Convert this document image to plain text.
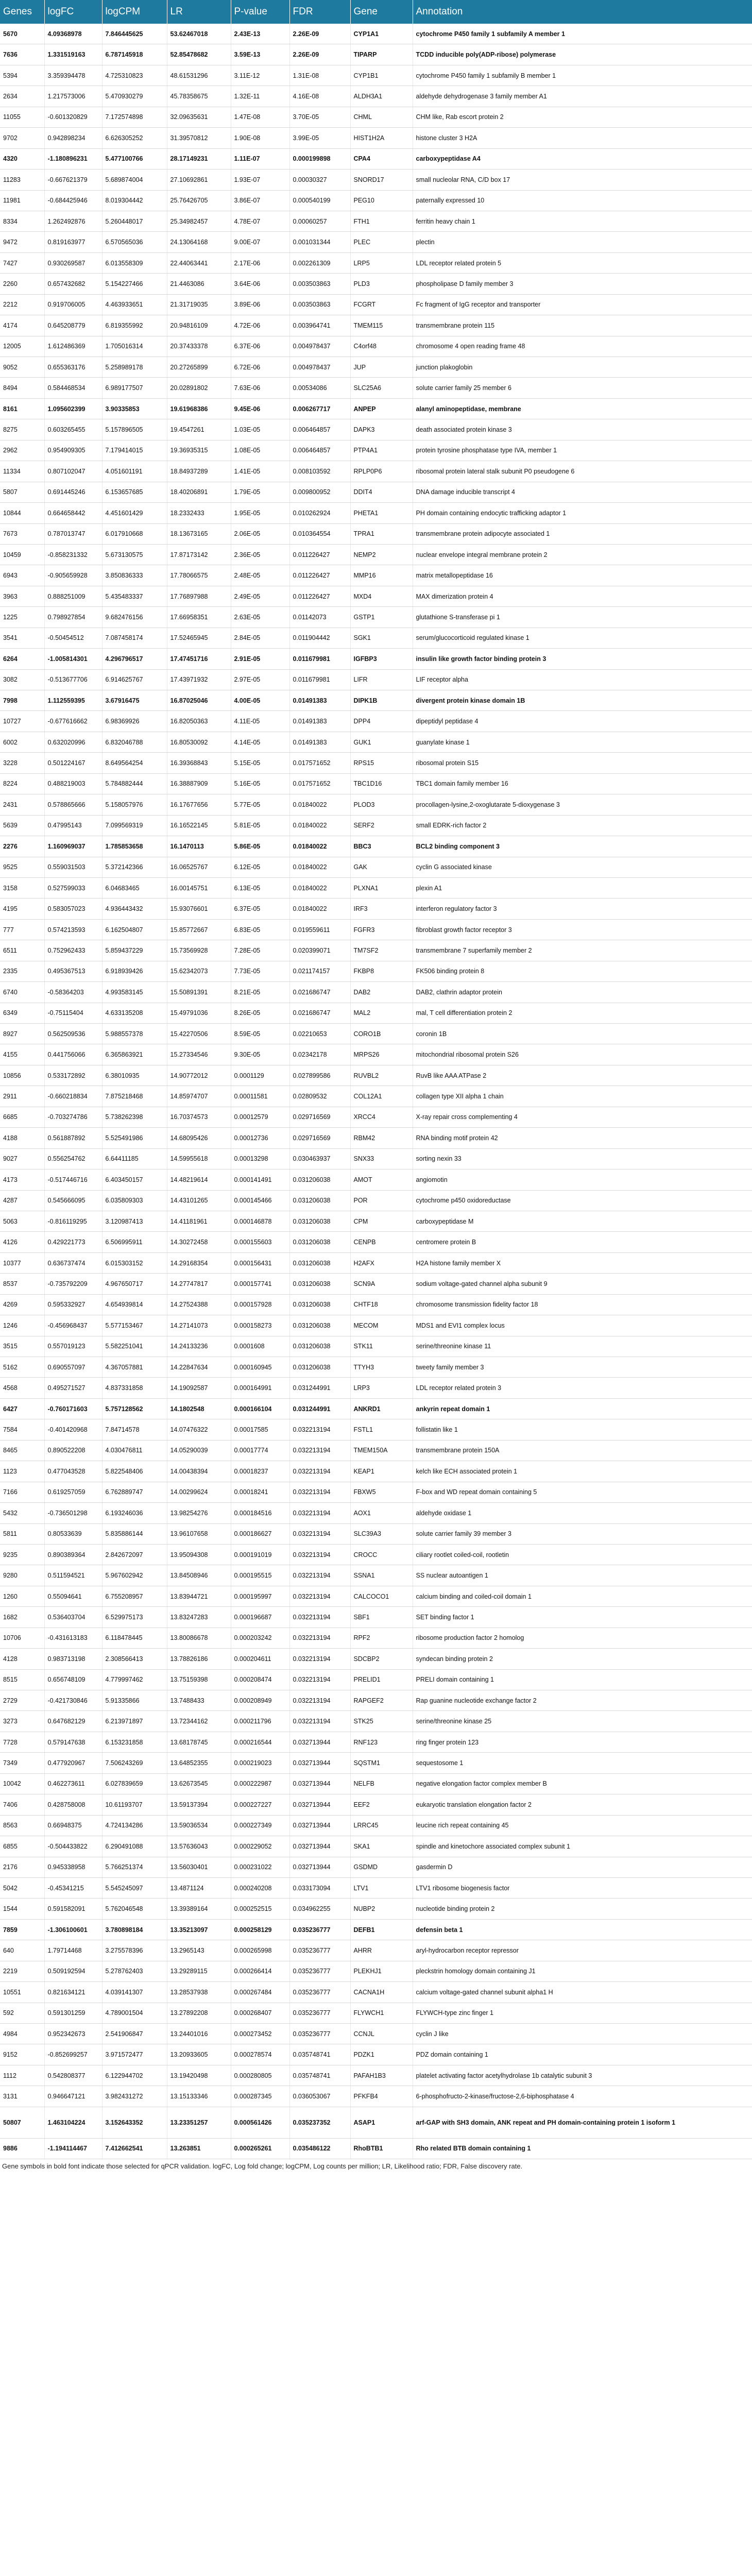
Genes	logFC	logCPM	LR	P-value	FDR	Gene	Annotation
5670	4.09368978	7.846445625	53.62467018	2.43E-13	2.26E-09	CYP1A1	cytochrome P450 family 1 subfamily A member 1
7636	1.331519163	6.787145918	52.85478682	3.59E-13	2.26E-09	TIPARP	TCDD inducible poly(ADP-ribose) polymerase
5394	3.359394478	4.725310823	48.61531296	3.11E-12	1.31E-08	CYP1B1	cytochrome P450 family 1 subfamily B member 1
2634	1.217573006	5.470930279	45.78358675	1.32E-11	4.16E-08	ALDH3A1	aldehyde dehydrogenase 3 family member A1
11055	-0.601320829	7.172574898	32.09635631	1.47E-08	3.70E-05	CHML	CHM like, Rab escort protein 2
9702	0.942898234	6.626305252	31.39570812	1.90E-08	3.99E-05	HIST1H2A	histone cluster 3 H2A
4320	-1.180896231	5.477100766	28.17149231	1.11E-07	0.000199898	CPA4	carboxypeptidase A4
11283	-0.667621379	5.689874004	27.10692861	1.93E-07	0.00030327	SNORD17	small nucleolar RNA, C/D box 17
11981	-0.684425946	8.019304442	25.76426705	3.86E-07	0.000540199	PEG10	paternally expressed 10
8334	1.262492876	5.260448017	25.34982457	4.78E-07	0.00060257	FTH1	ferritin heavy chain 1
9472	0.819163977	6.570565036	24.13064168	9.00E-07	0.001031344	PLEC	plectin
7427	0.930269587	6.013558309	22.44063441	2.17E-06	0.002261309	LRP5	LDL receptor related protein 5
2260	0.657432682	5.154227466	21.4463086	3.64E-06	0.003503863	PLD3	phospholipase D family member 3
2212	0.919706005	4.463933651	21.31719035	3.89E-06	0.003503863	FCGRT	Fc fragment of IgG receptor and transporter
4174	0.645208779	6.819355992	20.94816109	4.72E-06	0.003964741	TMEM115	transmembrane protein 115
12005	1.612486369	1.705016314	20.37433378	6.37E-06	0.004978437	C4orf48	chromosome 4 open reading frame 48
9052	0.655363176	5.258989178	20.27265899	6.72E-06	0.004978437	JUP	junction plakoglobin
8494	0.584468534	6.989177507	20.02891802	7.63E-06	0.00534086	SLC25A6	solute carrier family 25 member 6
8161	1.095602399	3.90335853	19.61968386	9.45E-06	0.006267717	ANPEP	alanyl aminopeptidase, membrane
8275	0.603265455	5.157896505	19.4547261	1.03E-05	0.006464857	DAPK3	death associated protein kinase 3
2962	0.954909305	7.179414015	19.36935315	1.08E-05	0.006464857	PTP4A1	protein tyrosine phosphatase type IVA, member 1
11334	0.807102047	4.051601191	18.84937289	1.41E-05	0.008103592	RPLP0P6	ribosomal protein lateral stalk subunit P0 pseudogene 6
5807	0.691445246	6.153657685	18.40206891	1.79E-05	0.009800952	DDIT4	DNA damage inducible transcript 4
10844	0.664658442	4.451601429	18.2332433	1.95E-05	0.010262924	PHETA1	PH domain containing endocytic trafficking adaptor 1
7673	0.787013747	6.017910668	18.13673165	2.06E-05	0.010364554	TPRA1	transmembrane protein adipocyte associated 1
10459	-0.858231332	5.673130575	17.87173142	2.36E-05	0.011226427	NEMP2	nuclear envelope integral membrane protein 2
6943	-0.905659928	3.850836333	17.78066575	2.48E-05	0.011226427	MMP16	matrix metallopeptidase 16
3963	0.888251009	5.435483337	17.76897988	2.49E-05	0.011226427	MXD4	MAX dimerization protein 4
1225	0.798927854	9.682476156	17.66958351	2.63E-05	0.01142073	GSTP1	glutathione S-transferase pi 1
3541	-0.50454512	7.087458174	17.52465945	2.84E-05	0.011904442	SGK1	serum/glucocorticoid regulated kinase 1
6264	-1.005814301	4.296796517	17.47451716	2.91E-05	0.011679981	IGFBP3	insulin like growth factor binding protein 3
3082	-0.513677706	6.914625767	17.43971932	2.97E-05	0.011679981	LIFR	LIF receptor alpha
7998	1.112559395	3.67916475	16.87025046	4.00E-05	0.01491383	DIPK1B	divergent protein kinase domain 1B
10727	-0.677616662	6.98369926	16.82050363	4.11E-05	0.01491383	DPP4	dipeptidyl peptidase 4
6002	0.632020996	6.832046788	16.80530092	4.14E-05	0.01491383	GUK1	guanylate kinase 1
3228	0.501224167	8.649564254	16.39368843	5.15E-05	0.017571652	RPS15	ribosomal protein S15
8224	0.488219003	5.784882444	16.38887909	5.16E-05	0.017571652	TBC1D16	TBC1 domain family member 16
2431	0.578865666	5.158057976	16.17677656	5.77E-05	0.01840022	PLOD3	procollagen-lysine,2-oxoglutarate 5-dioxygenase 3
5639	0.47995143	7.099569319	16.16522145	5.81E-05	0.01840022	SERF2	small EDRK-rich factor 2
2276	1.160969037	1.785853658	16.1470113	5.86E-05	0.01840022	BBC3	BCL2 binding component 3
9525	0.559031503	5.372142366	16.06525767	6.12E-05	0.01840022	GAK	cyclin G associated kinase
3158	0.527599033	6.04683465	16.00145751	6.13E-05	0.01840022	PLXNA1	plexin A1
4195	0.583057023	4.936443432	15.93076601	6.37E-05	0.01840022	IRF3	interferon regulatory factor 3
777	0.574213593	6.162504807	15.85772667	6.83E-05	0.019559611	FGFR3	fibroblast growth factor receptor 3
6511	0.752962433	5.859437229	15.73569928	7.28E-05	0.020399071	TM7SF2	transmembrane 7 superfamily member 2
2335	0.495367513	6.918939426	15.62342073	7.73E-05	0.021174157	FKBP8	FK506 binding protein 8
6740	-0.58364203	4.993583145	15.50891391	8.21E-05	0.021686747	DAB2	DAB2, clathrin adaptor protein
6349	-0.75115404	4.633135208	15.49791036	8.26E-05	0.021686747	MAL2	mal, T cell differentiation protein 2
8927	0.562509536	5.988557378	15.42270506	8.59E-05	0.02210653	CORO1B	coronin 1B
4155	0.441756066	6.365863921	15.27334546	9.30E-05	0.02342178	MRPS26	mitochondrial ribosomal protein S26
10856	0.533172892	6.38010935	14.90772012	0.0001129	0.027899586	RUVBL2	RuvB like AAA ATPase 2
2911	-0.660218834	7.875218468	14.85974707	0.00011581	0.02809532	COL12A1	collagen type XII alpha 1 chain
6685	-0.703274786	5.738262398	16.70374573	0.00012579	0.029716569	XRCC4	X-ray repair cross complementing 4
4188	0.561887892	5.525491986	14.68095426	0.00012736	0.029716569	RBM42	RNA binding motif protein 42
9027	0.556254762	6.64411185	14.59955618	0.00013298	0.030463937	SNX33	sorting nexin 33
4173	-0.517446716	6.403450157	14.48219614	0.000141491	0.031206038	AMOT	angiomotin
4287	0.545666095	6.035809303	14.43101265	0.000145466	0.031206038	POR	cytochrome p450 oxidoreductase
5063	-0.816119295	3.120987413	14.41181961	0.000146878	0.031206038	CPM	carboxypeptidase M
4126	0.429221773	6.506995911	14.30272458	0.000155603	0.031206038	CENPB	centromere protein B
10377	0.636737474	6.015303152	14.29168354	0.000156431	0.031206038	H2AFX	H2A histone family member X
8537	-0.735792209	4.967650717	14.27747817	0.000157741	0.031206038	SCN9A	sodium voltage-gated channel alpha subunit 9
4269	0.595332927	4.654939814	14.27524388	0.000157928	0.031206038	CHTF18	chromosome transmission fidelity factor 18
1246	-0.456968437	5.577153467	14.27141073	0.000158273	0.031206038	MECOM	MDS1 and EVI1 complex locus
3515	0.557019123	5.582251041	14.24133236	0.0001608	0.031206038	STK11	serine/threonine kinase 11
5162	0.690557097	4.367057881	14.22847634	0.000160945	0.031206038	TTYH3	tweety family member 3
4568	0.495271527	4.837331858	14.19092587	0.000164991	0.031244991	LRP3	LDL receptor related protein 3
6427	-0.760171603	5.757128562	14.1802548	0.000166104	0.031244991	ANKRD1	ankyrin repeat domain 1
7584	-0.401420968	7.84714578	14.07476322	0.00017585	0.032213194	FSTL1	follistatin like 1
8465	0.890522208	4.030476811	14.05290039	0.00017774	0.032213194	TMEM150A	transmembrane protein 150A
1123	0.477043528	5.822548406	14.00438394	0.00018237	0.032213194	KEAP1	kelch like ECH associated protein 1
7166	0.619257059	6.762889747	14.00299624	0.00018241	0.032213194	FBXW5	F-box and WD repeat domain containing 5
5432	-0.736501298	6.193246036	13.98254276	0.000184516	0.032213194	AOX1	aldehyde oxidase 1
5811	0.80533639	5.835886144	13.96107658	0.000186627	0.032213194	SLC39A3	solute carrier family 39 member 3
9235	0.890389364	2.842672097	13.95094308	0.000191019	0.032213194	CROCC	ciliary rootlet coiled-coil, rootletin
9280	0.511594521	5.967602942	13.84508946	0.000195515	0.032213194	SSNA1	SS nuclear autoantigen 1
1260	0.55094641	6.755208957	13.83944721	0.000195997	0.032213194	CALCOCO1	calcium binding and coiled-coil domain 1
1682	0.536403704	6.529975173	13.83247283	0.000196687	0.032213194	SBF1	SET binding factor 1
10706	-0.431613183	6.118478445	13.80086678	0.000203242	0.032213194	RPF2	ribosome production factor 2 homolog
4128	0.983713198	2.308566413	13.78826186	0.000204611	0.032213194	SDCBP2	syndecan binding protein 2
8515	0.656748109	4.779997462	13.75159398	0.000208474	0.032213194	PRELID1	PRELI domain containing 1
2729	-0.421730846	5.91335866	13.7488433	0.000208949	0.032213194	RAPGEF2	Rap guanine nucleotide exchange factor 2
3273	0.647682129	6.213971897	13.72344162	0.000211796	0.032213194	STK25	serine/threonine kinase 25
7728	0.579147638	6.153231858	13.68178745	0.000216544	0.032713944	RNF123	ring finger protein 123
7349	0.477920967	7.506243269	13.64852355	0.000219023	0.032713944	SQSTM1	sequestosome 1
10042	0.462273611	6.027839659	13.62673545	0.000222987	0.032713944	NELFB	negative elongation factor complex member B
7406	0.428758008	10.61193707	13.59137394	0.000227227	0.032713944	EEF2	eukaryotic translation elongation factor 2
8563	0.66948375	4.724134286	13.59036534	0.000227349	0.032713944	LRRC45	leucine rich repeat containing 45
6855	-0.504433822	6.290491088	13.57636043	0.000229052	0.032713944	SKA1	spindle and kinetochore associated complex subunit 1
2176	0.945338958	5.766251374	13.56030401	0.000231022	0.032713944	GSDMD	gasdermin D
5042	-0.45341215	5.545245097	13.4871124	0.000240208	0.033173094	LTV1	LTV1 ribosome biogenesis factor
1544	0.591582091	5.762046548	13.39389164	0.000252515	0.034962255	NUBP2	nucleotide binding protein 2
7859	-1.306100601	3.780898184	13.35213097	0.000258129	0.035236777	DEFB1	defensin beta 1
640	1.79714468	3.275578396	13.2965143	0.000265998	0.035236777	AHRR	aryl-hydrocarbon receptor repressor
2219	0.509192594	5.278762403	13.29289115	0.000266414	0.035236777	PLEKHJ1	pleckstrin homology domain containing J1
10551	0.821634121	4.039141307	13.28537938	0.000267484	0.035236777	CACNA1H	calcium voltage-gated channel subunit alpha1 H
592	0.591301259	4.789001504	13.27892208	0.000268407	0.035236777	FLYWCH1	FLYWCH-type zinc finger 1
4984	0.952342673	2.541906847	13.24401016	0.000273452	0.035236777	CCNJL	cyclin J like
9152	-0.852699257	3.971572477	13.20933605	0.000278574	0.035748741	PDZK1	PDZ domain containing 1
1112	0.542808377	6.122944702	13.19420498	0.000280805	0.035748741	PAFAH1B3	platelet activating factor acetylhydrolase 1b catalytic subunit 3
3131	0.946647121	3.982431272	13.15133346	0.000287345	0.036053067	PFKFB4	6-phosphofructo-2-kinase/fructose-2,6-biphosphatase 4
50807	1.463104224	3.152643352	13.23351257	0.000561426	0.035237352	ASAP1	arf-GAP with SH3 domain, ANK repeat and PH domain-containing protein 1 isoform 1
9886	-1.194114467	7.412662541	13.263851	0.000265261	0.035486122	RhoBTB1	Rho related BTB domain containing 1
Gene symbols in bold font indicate those selected for qPCR validation. logFC, Log fold change; logCPM, Log counts per million; LR, Likelihood ratio; FDR, False discovery rate.
